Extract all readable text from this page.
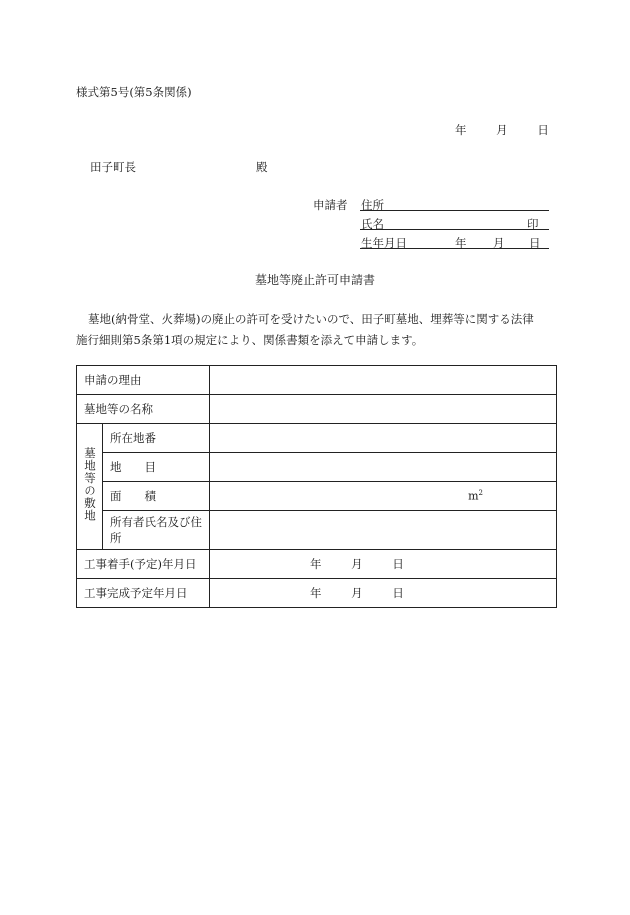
様式第5号(第5条関係)
年	月	日
田子町長	殿
申請者 住所
氏名	印
生年月日	年 月 日
墓地等廃止許可申請書

墓地(納骨堂、火葬場)の廃止の許可を受けたいので、田子町墓地、埋葬等に関する法律

施行細則第5条第1項の規定により、関係書類を添えて申請します。

申請の理由		
墓地等の名称		
墓地等の敷地	所在地番	
	地　　目	
	面　　積	$m^2$

	所有者氏名及び住所	
工事着手(予定)年月日		年 月 日
工事完成予定年月日		年 月 日
